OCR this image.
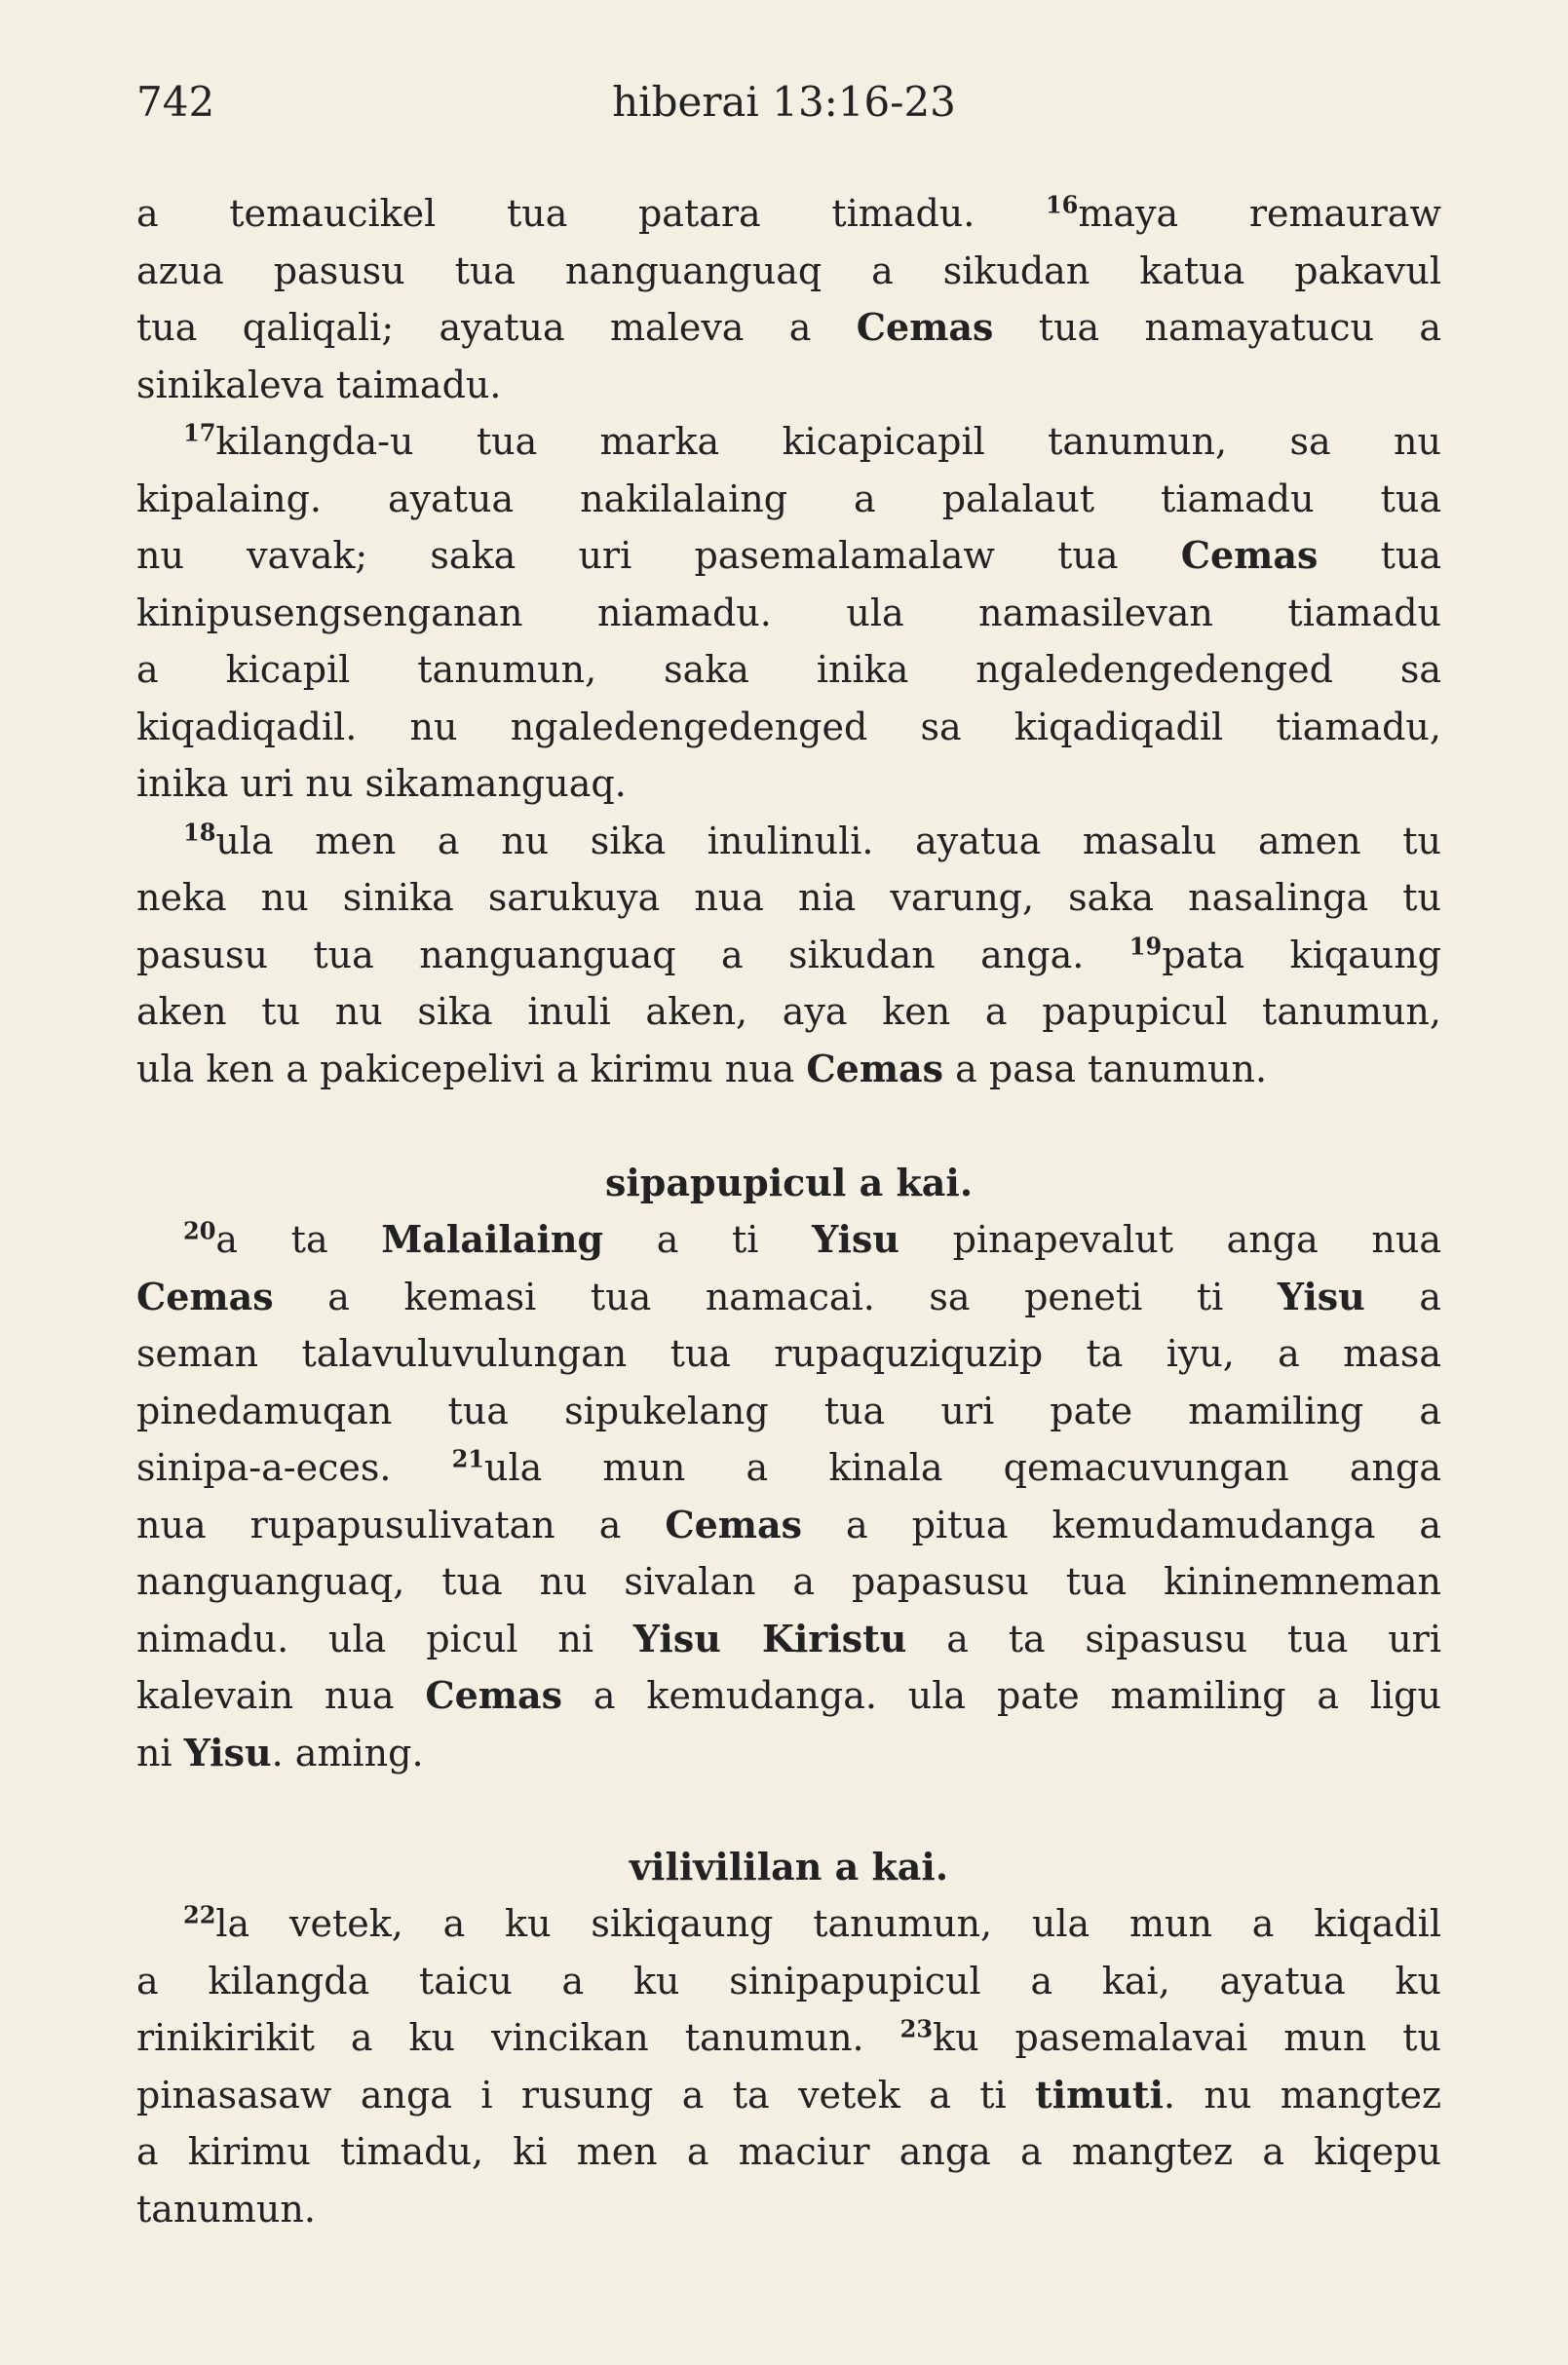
742	hiberai 13:16-23

a temaucikel tua patara timadu. $^{16}$maya remauraw

azua pasusu tua nanguanguaq a sikudan katua pakavul

tua qaliqali; ayatua maleva a Cemas tua namayatucu a

sinikaleva taimadu.

$^{17}$kilangda-u tua marka kicapicapil tanumun, sa nu

kipalaing. ayatua nakilalaing a palalaut tiamadu tua

nu vavak; saka uri pasemalamalaw tua Cemas tua

kinipusengsenganan niamadu. ula namasilevan tiamadu

a kicapil tanumun, saka inika ngaledengedenged sa

kiqadiqadil. nu ngaledengedenged sa kiqadiqadil tiamadu,

inika uri nu sikamanguaq.

$^{18}$ula men a nu sika inulinuli. ayatua masalu amen tu

neka nu sinika sarukuya nua nia varung, saka nasalinga tu

pasusu tua nanguanguaq a sikudan anga. $^{19}$pata kiqaung

aken tu nu sika inuli aken, aya ken a papupicul tanumun,

ula ken a pakicepelivi a kirimu nua Cemas a pasa tanumun.

sipapupicul a kai.

$^{20}$a ta Malailaing a ti Yisu pinapevalut anga nua

Cemas a kemasi tua namacai. sa peneti ti Yisu a

seman talavuluvulungan tua rupaquziquzip ta iyu, a masa

pinedamuqan tua sipukelang tua uri pate mamiling a

sinipa-a-eces. $^{21}$ula mun a kinala qemacuvungan anga

nua rupapusulivatan a Cemas a pitua kemudamudanga a

nanguanguaq, tua nu sivalan a papasusu tua kininemneman

nimadu. ula picul ni Yisu Kiristu a ta sipasusu tua uri

kalevain nua Cemas a kemudanga. ula pate mamiling a ligu

ni Yisu. aming.

vilivililan a kai.

$^{22}$la vetek, a ku sikiqaung tanumun, ula mun a kiqadil

a kilangda taicu a ku sinipapupicul a kai, ayatua ku

rinikirikit a ku vincikan tanumun. $^{23}$ku pasemalavai mun tu

pinasasaw anga i rusung a ta vetek a ti timuti. nu mangtez

a kirimu timadu, ki men a maciur anga a mangtez a kiqepu

tanumun.
